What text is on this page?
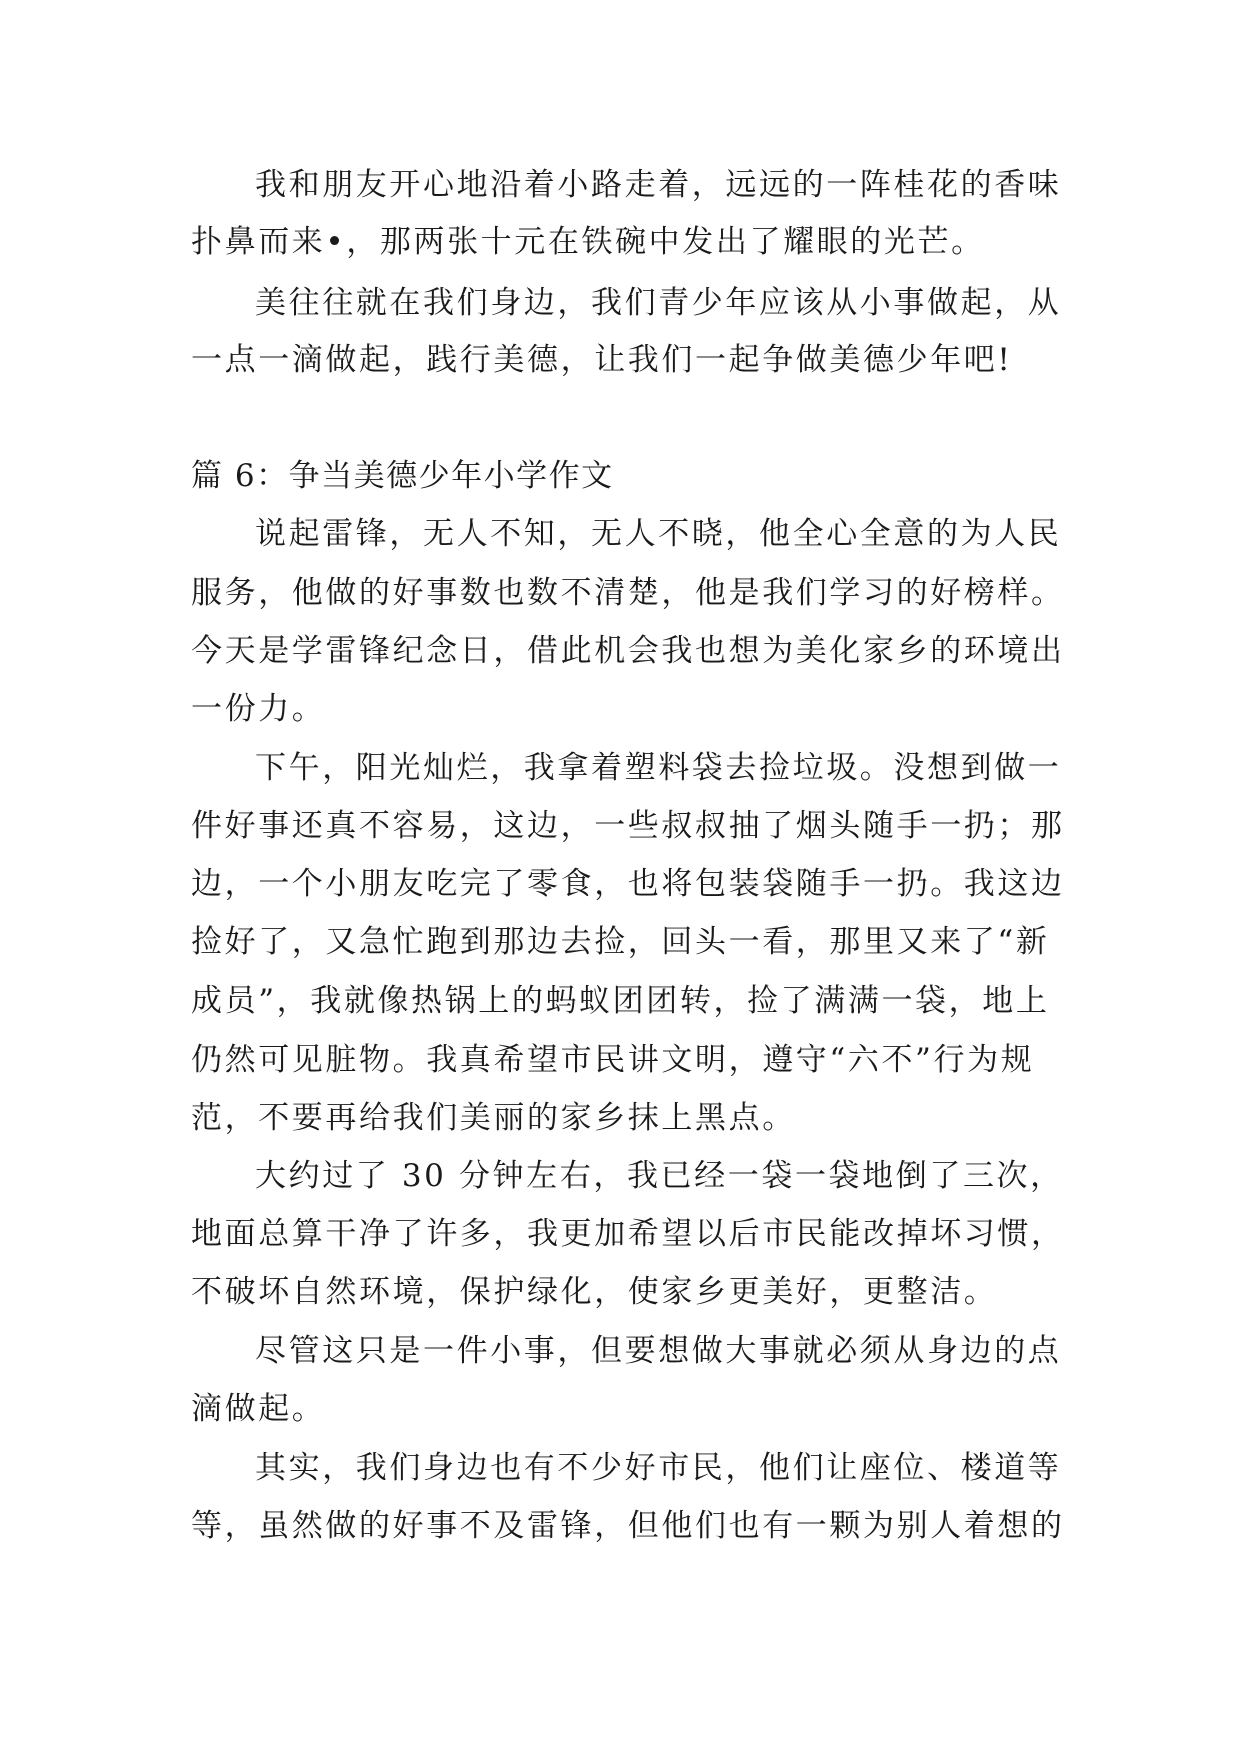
我和朋友开心地沿着小路走着，远远的一阵桂花的香味

扑鼻而来•，那两张十元在铁碗中发出了耀眼的光芒。

美往往就在我们身边，我们青少年应该从小事做起，从

一点一滴做起，践行美德，让我们一起争做美德少年吧!

篇 6：争当美德少年小学作文

说起雷锋，无人不知，无人不晓，他全心全意的为人民

服务，他做的好事数也数不清楚，他是我们学习的好榜样。

今天是学雷锋纪念日，借此机会我也想为美化家乡的环境出

一份力。

下午，阳光灿烂，我拿着塑料袋去捡垃圾。没想到做一

件好事还真不容易，这边，一些叔叔抽了烟头随手一扔；那

边，一个小朋友吃完了零食，也将包装袋随手一扔。我这边

捡好了，又急忙跑到那边去捡，回头一看，那里又来了“新

成员”，我就像热锅上的蚂蚁团团转，捡了满满一袋，地上

仍然可见脏物。我真希望市民讲文明，遵守“六不”行为规

范，不要再给我们美丽的家乡抹上黑点。

大约过了 30 分钟左右，我已经一袋一袋地倒了三次，

地面总算干净了许多，我更加希望以后市民能改掉坏习惯，

不破坏自然环境，保护绿化，使家乡更美好，更整洁。

尽管这只是一件小事，但要想做大事就必须从身边的点

滴做起。

其实，我们身边也有不少好市民，他们让座位、楼道等

等，虽然做的好事不及雷锋，但他们也有一颗为别人着想的
